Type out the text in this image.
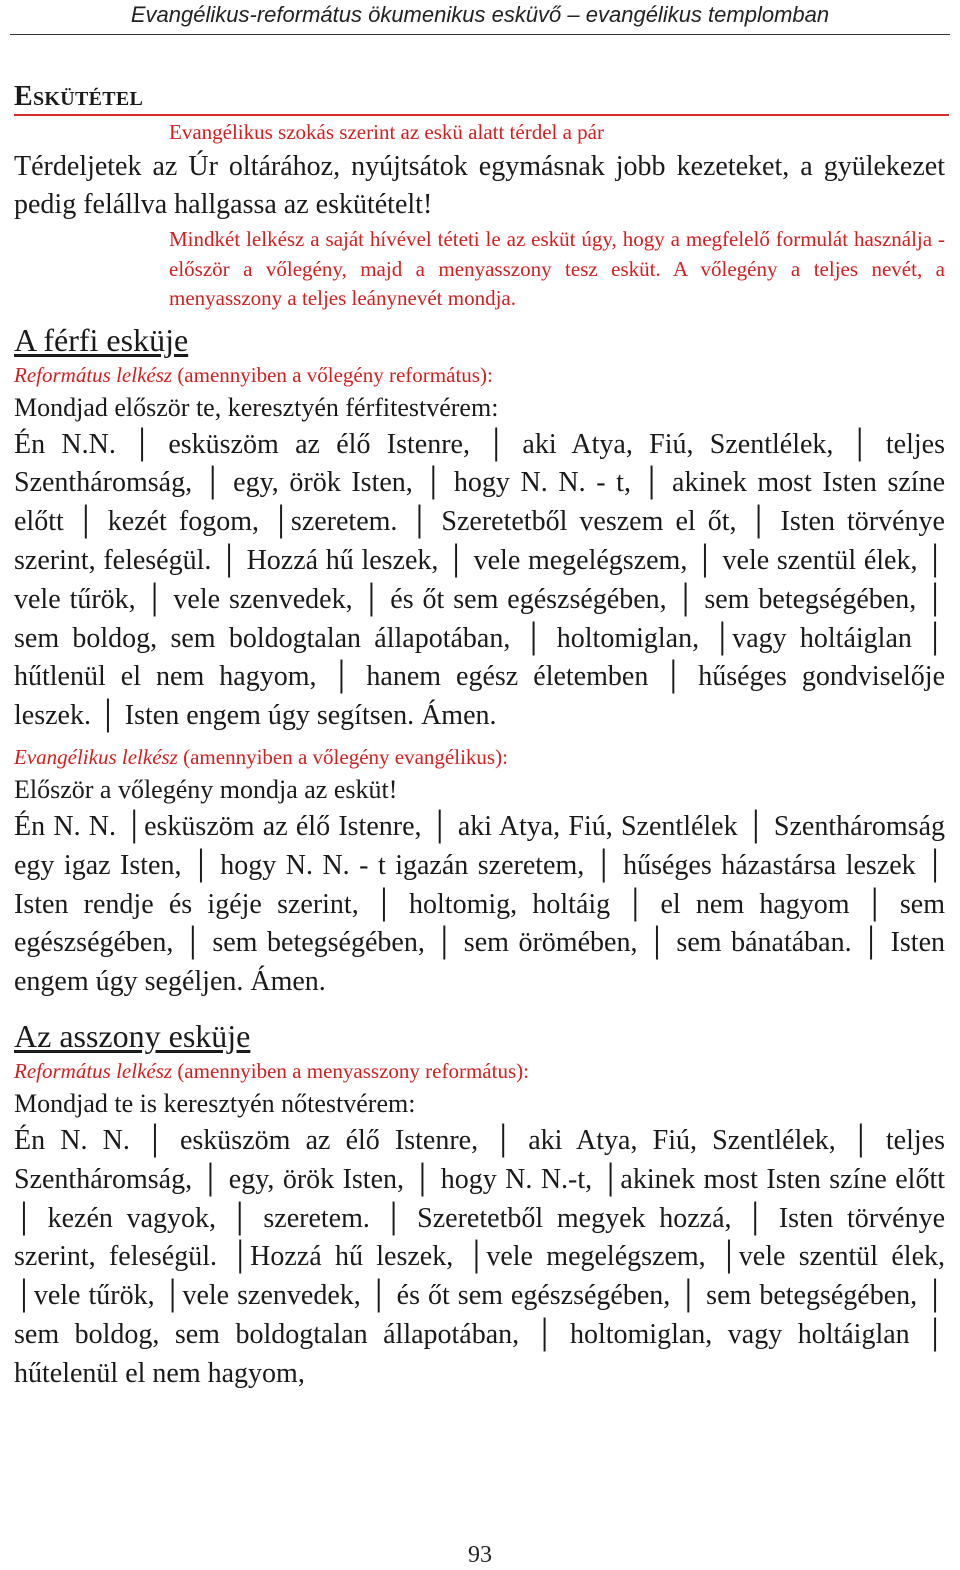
Evangélikus-református ökumenikus esküvő – evangélikus templomban
Eskütétel
Evangélikus szokás szerint az eskü alatt térdel a pár

Térdeljetek az Úr oltárához, nyújtsátok egymásnak jobb kezeteket, a gyülekezet pedig felállva hallgassa az eskütételt!

Mindkét lelkész a saját hívével téteti le az esküt úgy, hogy a megfelelő formulát használja - először a vőlegény, majd a menyasszony tesz esküt. A vőlegény a teljes nevét, a menyasszony a teljes leánynevét mondja.

A férfi esküje

Református lelkész (amennyiben a vőlegény református):

Mondjad először te, keresztyén férfitestvérem:

Én N.N. │ esküszöm az élő Istenre, │ aki Atya, Fiú, Szentlélek, │ teljes Szentháromság, │ egy, örök Isten, │ hogy N. N. - t, │ akinek most Isten színe előtt │ kezét fogom, │szeretem. │ Szeretetből veszem el őt, │ Isten törvénye szerint, feleségül. │ Hozzá hű leszek, │ vele megelégszem, │ vele szentül élek, │ vele tűrök, │ vele szenvedek, │ és őt sem egészségében, │ sem betegségében, │ sem boldog, sem boldogtalan állapotában, │ holtomiglan, │vagy holtáiglan │ hűtlenül el nem hagyom, │ hanem egész életemben │ hűséges gondviselője leszek. │ Isten engem úgy segítsen. Ámen.

Evangélikus lelkész (amennyiben a vőlegény evangélikus):

Először a vőlegény mondja az esküt!

Én N. N. │esküszöm az élő Istenre, │ aki Atya, Fiú, Szentlélek │ Szentháromság egy igaz Isten, │ hogy N. N. - t igazán szeretem, │ hűséges házastársa leszek │ Isten rendje és igéje szerint, │ holtomig, holtáig │ el nem hagyom │ sem egészségében, │ sem betegségében, │ sem örömében, │ sem bánatában. │ Isten engem úgy segéljen. Ámen.

Az asszony esküje

Református lelkész (amennyiben a menyasszony református):

Mondjad te is keresztyén nőtestvérem:

Én N. N. │ esküszöm az élő Istenre, │ aki Atya, Fiú, Szentlélek, │ teljes Szentháromság, │ egy, örök Isten, │ hogy N. N.-t, │akinek most Isten színe előtt │ kezén vagyok, │ szeretem. │ Szeretetből megyek hozzá, │ Isten törvénye szerint, feleségül. │Hozzá hű leszek, │vele megelégszem, │vele szentül élek, │vele tűrök, │vele szenvedek, │ és őt sem egészségében, │ sem betegségében, │ sem boldog, sem boldogtalan állapotában, │ holtomiglan, vagy holtáiglan │ hűtelenül el nem hagyom,

93
